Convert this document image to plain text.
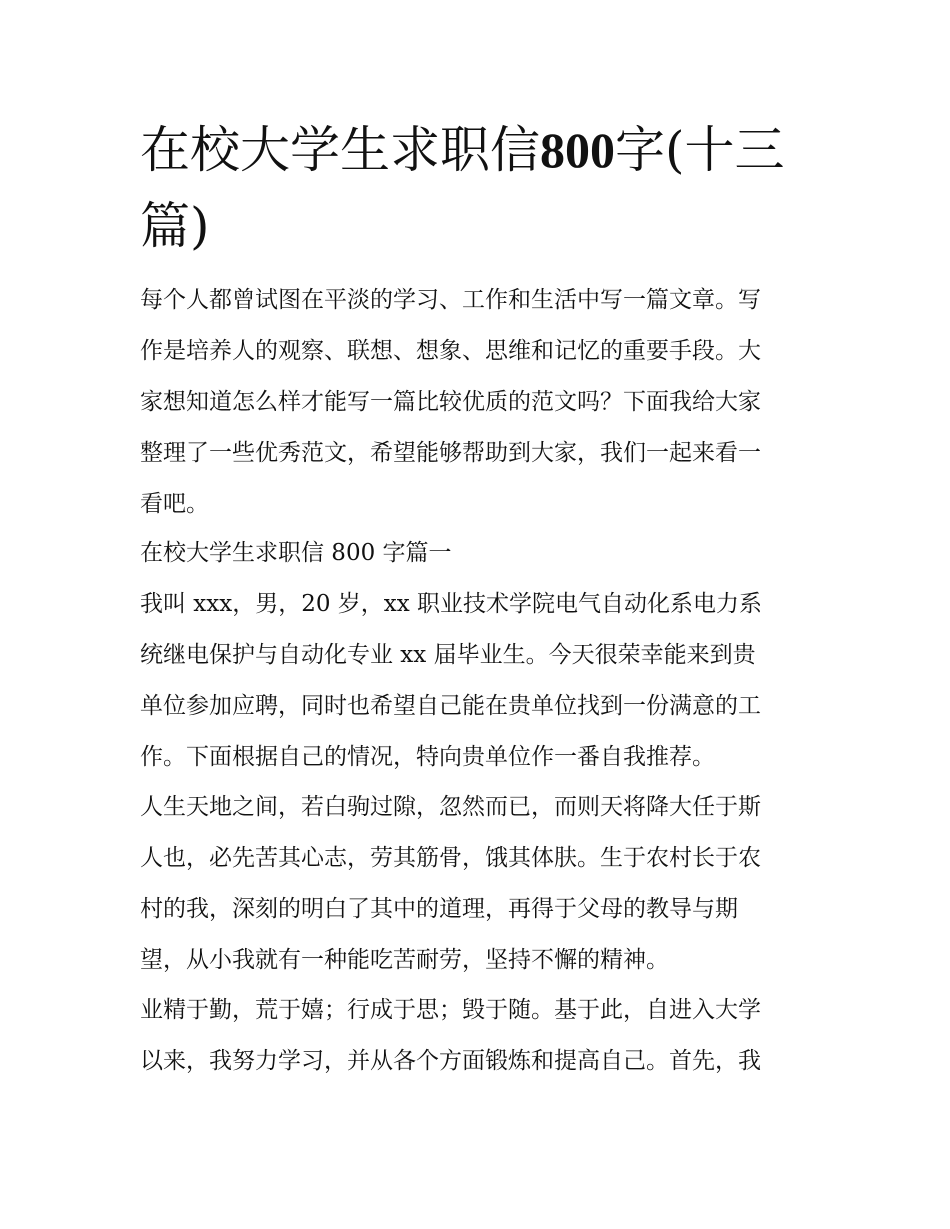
在校大学生求职信800字(十三篇)

每个人都曾试图在平淡的学习、工作和生活中写一篇文章。写

作是培养人的观察、联想、想象、思维和记忆的重要手段。大

家想知道怎么样才能写一篇比较优质的范文吗？下面我给大家

整理了一些优秀范文，希望能够帮助到大家，我们一起来看一

看吧。

在校大学生求职信 800 字篇一

我叫 xxx，男，20 岁，xx 职业技术学院电气自动化系电力系

统继电保护与自动化专业 xx 届毕业生。今天很荣幸能来到贵

单位参加应聘，同时也希望自己能在贵单位找到一份满意的工

作。下面根据自己的情况，特向贵单位作一番自我推荐。

人生天地之间，若白驹过隙，忽然而已，而则天将降大任于斯

人也，必先苦其心志，劳其筋骨，饿其体肤。生于农村长于农

村的我，深刻的明白了其中的道理，再得于父母的教导与期

望，从小我就有一种能吃苦耐劳，坚持不懈的精神。

业精于勤，荒于嬉；行成于思；毁于随。基于此，自进入大学

以来，我努力学习，并从各个方面锻炼和提高自己。首先，我
